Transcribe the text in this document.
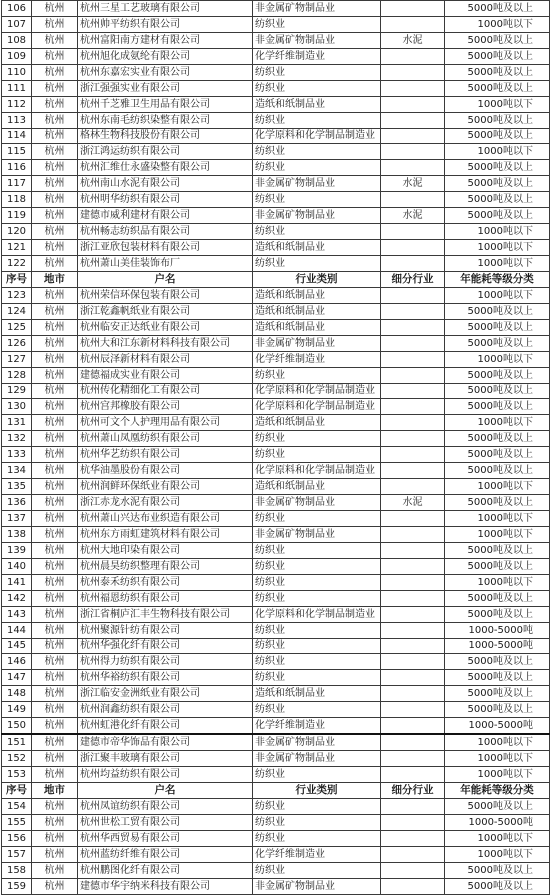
106	杭州	杭州三星工艺玻璃有限公司	非金属矿物制品业		5000吨及以上
107	杭州	杭州帅平纺织有限公司	纺织业		1000吨以下
108	杭州	杭州富阳南方建材有限公司	非金属矿物制品业	水泥	5000吨及以上
109	杭州	杭州旭化成氨纶有限公司	化学纤维制造业		5000吨及以上
110	杭州	杭州东嘉宏实业有限公司	纺织业		5000吨及以上
111	杭州	浙江强强实业有限公司	纺织业		5000吨及以上
112	杭州	杭州千芝雅卫生用品有限公司	造纸和纸制品业		1000吨以下
113	杭州	杭州东南毛纺织染整有限公司	纺织业		5000吨及以上
114	杭州	格林生物科技股份有限公司	化学原料和化学制品制造业		5000吨及以上
115	杭州	浙江鸿运纺织有限公司	纺织业		1000吨以下
116	杭州	杭州汇维仕永盛染整有限公司	纺织业		5000吨及以上
117	杭州	杭州南山水泥有限公司	非金属矿物制品业	水泥	5000吨及以上
118	杭州	杭州明华纺织有限公司	纺织业		5000吨及以上
119	杭州	建德市威利建材有限公司	非金属矿物制品业	水泥	5000吨及以上
120	杭州	杭州畅志纺织品有限公司	纺织业		1000吨以下
121	杭州	浙江亚欣包装材料有限公司	造纸和纸制品业		1000吨以下
122	杭州	杭州萧山美佳装饰布厂	纺织业		1000吨以下
序号	地市	户名	行业类别	细分行业	年能耗等级分类
123	杭州	杭州荣信环保包装有限公司	造纸和纸制品业		1000吨以下
124	杭州	浙江乾鑫帆纸业有限公司	造纸和纸制品业		5000吨及以上
125	杭州	杭州临安正达纸业有限公司	造纸和纸制品业		5000吨及以上
126	杭州	杭州大和江东新材料科技有限公司	非金属矿物制品业		5000吨及以上
127	杭州	杭州辰泽新材料有限公司	化学纤维制造业		1000吨以下
128	杭州	建德福成实业有限公司	纺织业		5000吨及以上
129	杭州	杭州传化精细化工有限公司	化学原料和化学制品制造业		5000吨及以上
130	杭州	杭州宫邦橡胶有限公司	化学原料和化学制品制造业		5000吨及以上
131	杭州	杭州可文个人护理用品有限公司	造纸和纸制品业		1000吨以下
132	杭州	杭州萧山凤凰纺织有限公司	纺织业		5000吨及以上
133	杭州	杭州华艺纺织有限公司	纺织业		5000吨及以上
134	杭州	杭华油墨股份有限公司	化学原料和化学制品制造业		5000吨及以上
135	杭州	杭州润鲜环保纸业有限公司	造纸和纸制品业		1000吨以下
136	杭州	浙江赤龙水泥有限公司	非金属矿物制品业	水泥	5000吨及以上
137	杭州	杭州萧山兴达布业织造有限公司	纺织业		1000吨以下
138	杭州	杭州东方雨虹建筑材料有限公司	非金属矿物制品业		1000吨以下
139	杭州	杭州大地印染有限公司	纺织业		5000吨及以上
140	杭州	杭州晨昊纺织整理有限公司	纺织业		5000吨及以上
141	杭州	杭州泰禾纺织有限公司	纺织业		1000吨以下
142	杭州	杭州福恩纺织有限公司	纺织业		5000吨及以上
143	杭州	浙江省桐庐汇丰生物科技有限公司	化学原料和化学制品制造业		5000吨及以上
144	杭州	杭州聚源针纺有限公司	纺织业		1000-5000吨
145	杭州	杭州华强化纤有限公司	纺织业		1000-5000吨
146	杭州	杭州得力纺织有限公司	纺织业		5000吨及以上
147	杭州	杭州华裕纺织有限公司	纺织业		5000吨及以上
148	杭州	浙江临安金洲纸业有限公司	造纸和纸制品业		5000吨及以上
149	杭州	杭州润鑫纺织有限公司	纺织业		5000吨及以上
150	杭州	杭州虹港化纤有限公司	化学纤维制造业		1000-5000吨
151	杭州	建德市帝华饰品有限公司	非金属矿物制品业		1000吨以下
152	杭州	浙江聚丰玻璃有限公司	非金属矿物制品业		1000吨以下
153	杭州	杭州均益纺织有限公司	纺织业		1000吨以下
序号	地市	户名	行业类别	细分行业	年能耗等级分类
154	杭州	杭州凤谊纺织有限公司	纺织业		5000吨及以上
155	杭州	杭州世松工贸有限公司	纺织业		1000-5000吨
156	杭州	杭州华西贸易有限公司	纺织业		1000吨以下
157	杭州	杭州蓝纺纤维有限公司	化学纤维制造业		1000吨以下
158	杭州	杭州鹏图化纤有限公司	纺织业		5000吨及以上
159	杭州	建德市华宇纳米科技有限公司	非金属矿物制品业		5000吨及以上
